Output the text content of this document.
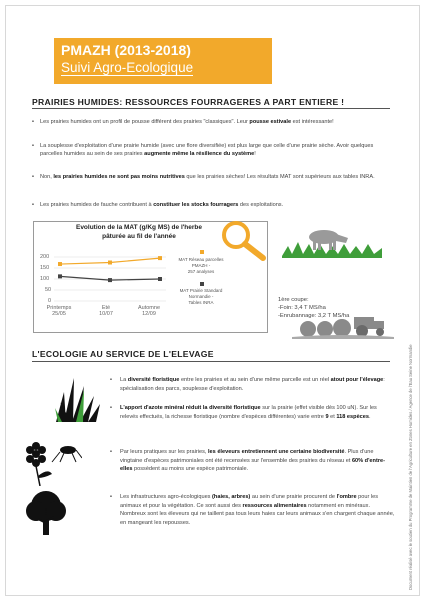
PMAZH (2013-2018)
Suivi Agro-Ecologique
PRAIRIES HUMIDES: RESSOURCES FOURRAGERES A PART ENTIERE !
• Les prairies humides ont un profil de pousse différent des prairies "classiques". Leur pousse estivale est intéressante!
• La souplesse d'exploitation d'une prairie humide (avec une flore diversifiée) est plus large que celle d'une prairie sèche. Avoir quelques parcelles humides au sein de ses prairies augmente même la résilience du système!
• Non, les prairies humides ne sont pas moins nutritives que les prairies sèches! Les résultats MAT sont supérieurs aux tables INRA.
• Les prairies humides de fauche contribuent à constituer les stocks fourragers des exploitations.
Evolution de la MAT (g/Kg MS) de l'herbe
pâturée au fil de l'année
200
150
100
50
0
Printemps
25/05
Eté
10/07
Automne
12/09
MAT Réseau parcelles
PMAZH -
257 analyses
MAT Prairie Standard
Normandie -
Tables INRA	1ère coupe:
-Foin: 3,4 T MS/ha
-Enrubannage: 3,2 T MS/ha
L'ECOLOGIE AU SERVICE DE L'ELEVAGE
• La diversité floristique entre les prairies et au sein d'une même parcelle est un réel atout pour l'élevage: spécialisation des parcs, souplesse d'exploitation.
• L'apport d'azote minéral réduit la diversité floristique sur la prairie (effet visible dès 100 uN). Sur les relevés effectués, la richesse floristique (nombre d'espèces différentes) varie entre 9 et 118 espèces.
• Par leurs pratiques sur les prairies, les éleveurs entretiennent une certaine biodiversité. Plus d'une vingtaine d'espèces patrimoniales ont été recensées sur l'ensemble des prairies du réseau et 60% d'entre-elles possèdent au moins une espèce patrimoniale.
• Les infrastructures agro-écologiques (haies, arbres) au sein d'une prairie procurent de l'ombre pour les animaux et pour la végétation. Ce sont aussi des ressources alimentaires notamment en minéraux. Nombreux sont les éleveurs qui ne taillent pas tous leurs haies car leurs animaux s'en chargent chaque année, en mangeant les repousses.	Document réalisé avec le soutien du Programme de Maintien de l'Agriculture en Zones Humides / Agence de l'Eau Seine Normandie
